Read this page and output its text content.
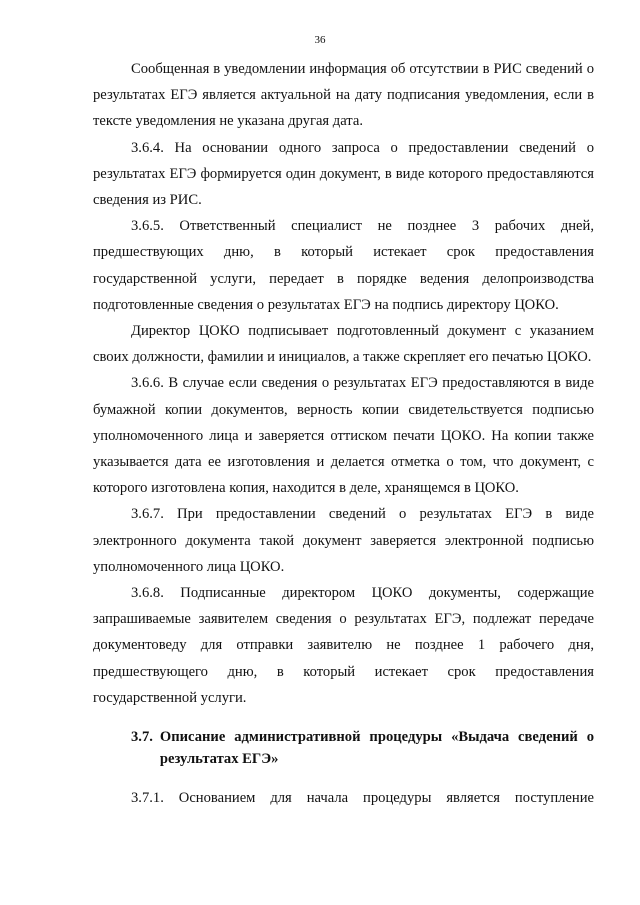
36

Сообщенная в уведомлении информация об отсутствии в РИС сведений о результатах ЕГЭ является актуальной на дату подписания уведомления, если в тексте уведомления не указана другая дата.

3.6.4. На основании одного запроса о предоставлении сведений о результатах ЕГЭ формируется один документ, в виде которого предоставляются сведения из РИС.

3.6.5. Ответственный специалист не позднее 3 рабочих дней, предшествующих дню, в который истекает срок предоставления государственной услуги, передает в порядке ведения делопроизводства подготовленные сведения о результатах ЕГЭ на подпись директору ЦОКО.

Директор ЦОКО подписывает подготовленный документ с указанием своих должности, фамилии и инициалов, а также скрепляет его печатью ЦОКО.

3.6.6. В случае если сведения о результатах ЕГЭ предоставляются в виде бумажной копии документов, верность копии свидетельствуется подписью уполномоченного лица и заверяется оттиском печати ЦОКО. На копии также указывается дата ее изготовления и делается отметка о том, что документ, с которого изготовлена копия, находится в деле, хранящемся в ЦОКО.

3.6.7. При предоставлении сведений о результатах ЕГЭ в виде электронного документа такой документ заверяется электронной подписью уполномоченного лица ЦОКО.

3.6.8. Подписанные директором ЦОКО документы, содержащие запрашиваемые заявителем сведения о результатах ЕГЭ, подлежат передаче документоведу для отправки заявителю не позднее 1 рабочего дня, предшествующего дню, в который истекает срок предоставления государственной услуги.

3.7. Описание административной процедуры «Выдача сведений о результатах ЕГЭ»

3.7.1. Основанием для начала процедуры является поступление
